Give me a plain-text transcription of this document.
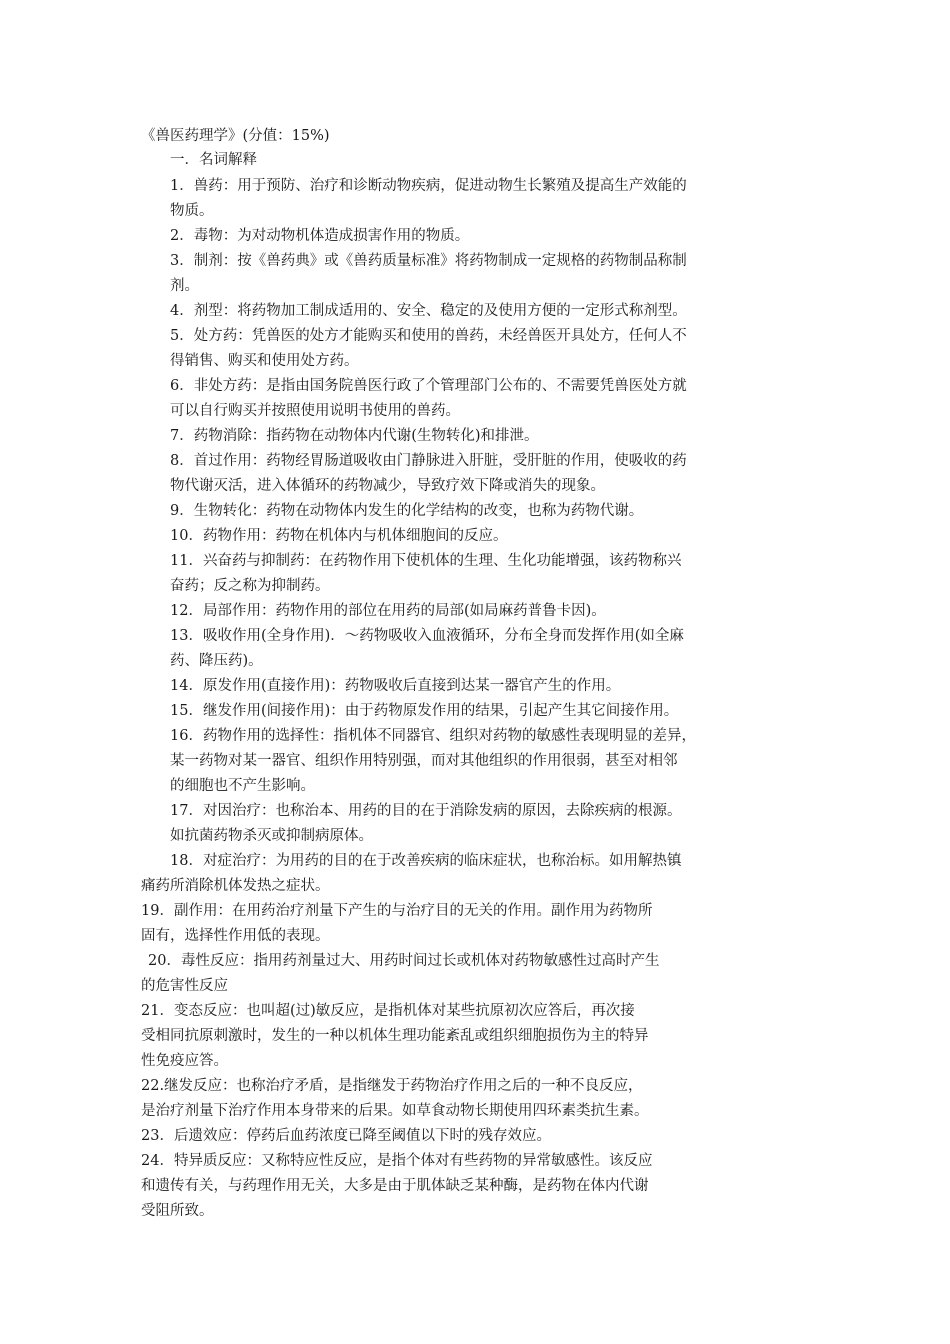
《兽医药理学》(分值：15%)
一．名词解释
1．兽药：用于预防、治疗和诊断动物疾病，促进动物生长繁殖及提高生产效能的
物质。
2．毒物：为对动物机体造成损害作用的物质。
3．制剂：按《兽药典》或《兽药质量标准》将药物制成一定规格的药物制品称制
剂。
4．剂型：将药物加工制成适用的、安全、稳定的及使用方便的一定形式称剂型。
5．处方药：凭兽医的处方才能购买和使用的兽药，未经兽医开具处方，任何人不
得销售、购买和使用处方药。
6．非处方药：是指由国务院兽医行政了个管理部门公布的、不需要凭兽医处方就
可以自行购买并按照使用说明书使用的兽药。
7．药物消除：指药物在动物体内代谢(生物转化)和排泄。
8．首过作用：药物经胃肠道吸收由门静脉进入肝脏，受肝脏的作用，使吸收的药
物代谢灭活，进入体循环的药物减少，导致疗效下降或消失的现象。
9．生物转化：药物在动物体内发生的化学结构的改变，也称为药物代谢。
10．药物作用：药物在机体内与机体细胞间的反应。
11．兴奋药与抑制药：在药物作用下使机体的生理、生化功能增强，该药物称兴
奋药；反之称为抑制药。
12．局部作用：药物作用的部位在用药的局部(如局麻药普鲁卡因)。
13．吸收作用(全身作用)．～药物吸收入血液循环，分布全身而发挥作用(如全麻
药、降压药)。
14．原发作用(直接作用)：药物吸收后直接到达某一器官产生的作用。
15．继发作用(间接作用)：由于药物原发作用的结果，引起产生其它间接作用。
16．药物作用的选择性：指机体不同器官、组织对药物的敏感性表现明显的差异，
某一药物对某一器官、组织作用特别强，而对其他组织的作用很弱，甚至对相邻
的细胞也不产生影响。
17．对因治疗：也称治本、用药的目的在于消除发病的原因，去除疾病的根源。
如抗菌药物杀灭或抑制病原体。
18．对症治疗：为用药的目的在于改善疾病的临床症状，也称治标。如用解热镇
痛药所消除机体发热之症状。
19．副作用：在用药治疗剂量下产生的与治疗目的无关的作用。副作用为药物所
固有，选择性作用低的表现。
20．毒性反应：指用药剂量过大、用药时间过长或机体对药物敏感性过高时产生
的危害性反应
21．变态反应：也叫超(过)敏反应，是指机体对某些抗原初次应答后，再次接
受相同抗原刺激时，发生的一种以机体生理功能紊乱或组织细胞损伤为主的特异
性免疫应答。
22.继发反应：也称治疗矛盾，是指继发于药物治疗作用之后的一种不良反应，
是治疗剂量下治疗作用本身带来的后果。如草食动物长期使用四环素类抗生素。
23．后遗效应：停药后血药浓度已降至阈值以下时的残存效应。
24．特异质反应：又称特应性反应，是指个体对有些药物的异常敏感性。该反应
和遗传有关，与药理作用无关，大多是由于肌体缺乏某种酶，是药物在体内代谢
受阻所致。
